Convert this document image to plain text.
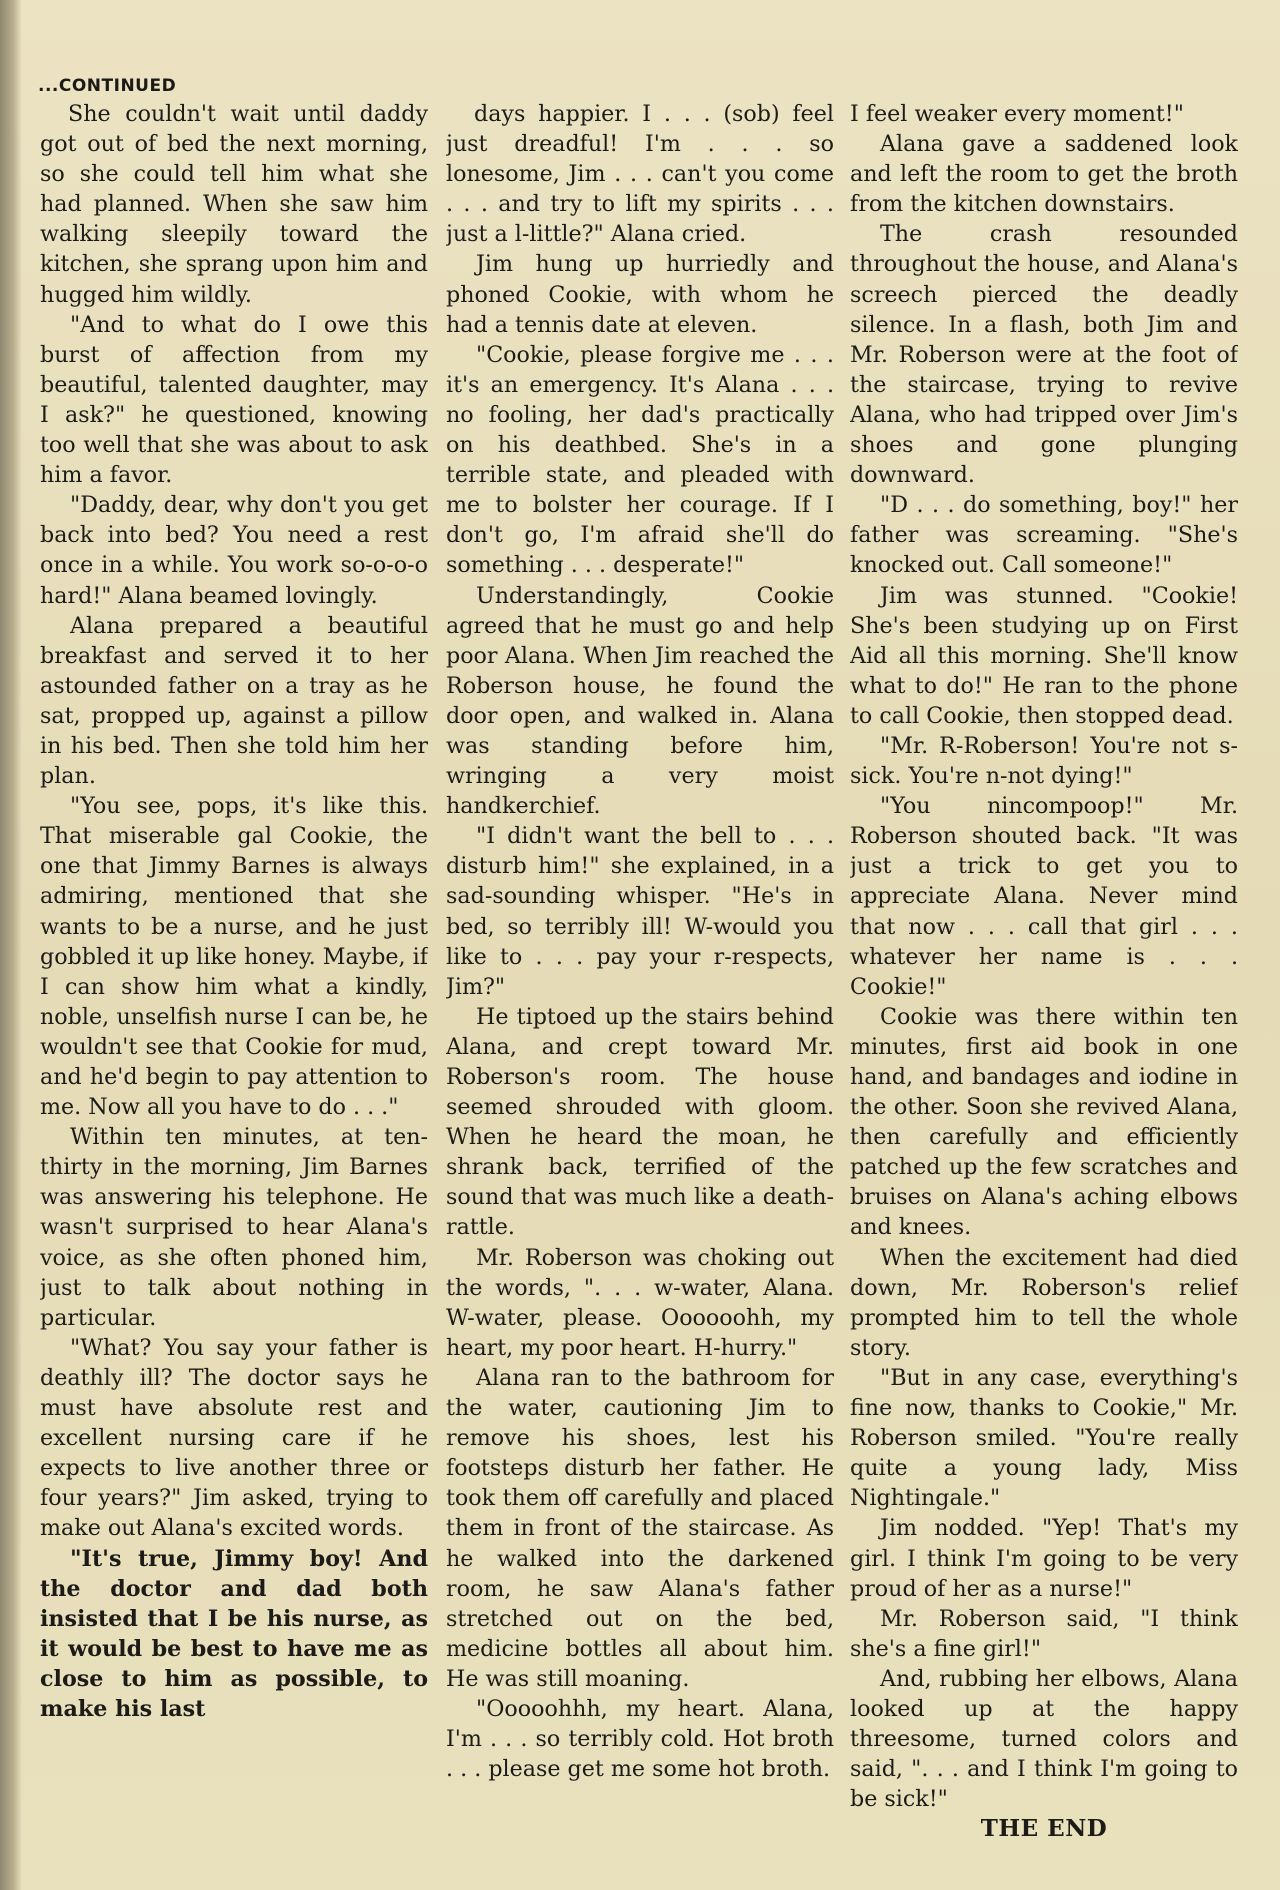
...CONTINUED

She couldn't wait until daddy got out of bed the next morning, so she could tell him what she had planned. When she saw him walking sleepily toward the kitchen, she sprang upon him and hugged him wildly.

"And to what do I owe this burst of affection from my beautiful, talented daughter, may I ask?" he questioned, knowing too well that she was about to ask him a favor.

"Daddy, dear, why don't you get back into bed? You need a rest once in a while. You work so-o-o-o hard!" Alana beamed lovingly.

Alana prepared a beautiful breakfast and served it to her astounded father on a tray as he sat, propped up, against a pillow in his bed. Then she told him her plan.

"You see, pops, it's like this. That miserable gal Cookie, the one that Jimmy Barnes is always admiring, mentioned that she wants to be a nurse, and he just gobbled it up like honey. Maybe, if I can show him what a kindly, noble, unselfish nurse I can be, he wouldn't see that Cookie for mud, and he'd begin to pay attention to me. Now all you have to do . . ."

Within ten minutes, at ten-thirty in the morning, Jim Barnes was answering his telephone. He wasn't surprised to hear Alana's voice, as she often phoned him, just to talk about nothing in particular.

"What? You say your father is deathly ill? The doctor says he must have absolute rest and excellent nursing care if he expects to live another three or four years?" Jim asked, trying to make out Alana's excited words.

"It's true, Jimmy boy! And the doctor and dad both insisted that I be his nurse, as it would be best to have me as close to him as possible, to make his last

days happier. I . . . (sob) feel just dreadful! I'm . . . so lonesome, Jim . . . can't you come . . . and try to lift my spirits . . . just a l-little?" Alana cried.

Jim hung up hurriedly and phoned Cookie, with whom he had a tennis date at eleven.

"Cookie, please forgive me . . . it's an emergency. It's Alana . . . no fooling, her dad's practically on his deathbed. She's in a terrible state, and pleaded with me to bolster her courage. If I don't go, I'm afraid she'll do something . . . desperate!"

Understandingly, Cookie agreed that he must go and help poor Alana. When Jim reached the Roberson house, he found the door open, and walked in. Alana was standing before him, wringing a very moist handkerchief.

"I didn't want the bell to . . . disturb him!" she explained, in a sad-sounding whisper. "He's in bed, so terribly ill! W-would you like to . . . pay your r-respects, Jim?"

He tiptoed up the stairs behind Alana, and crept toward Mr. Roberson's room. The house seemed shrouded with gloom. When he heard the moan, he shrank back, terrified of the sound that was much like a death-rattle.

Mr. Roberson was choking out the words, ". . . w-water, Alana. W-water, please. Oooooohh, my heart, my poor heart. H-hurry."

Alana ran to the bathroom for the water, cautioning Jim to remove his shoes, lest his footsteps disturb her father. He took them off carefully and placed them in front of the staircase. As he walked into the darkened room, he saw Alana's father stretched out on the bed, medicine bottles all about him. He was still moaning.

"Ooooohhh, my heart. Alana, I'm . . . so terribly cold. Hot broth . . . please get me some hot broth.

I feel weaker every moment!"

Alana gave a saddened look and left the room to get the broth from the kitchen downstairs.

The crash resounded throughout the house, and Alana's screech pierced the deadly silence. In a flash, both Jim and Mr. Roberson were at the foot of the staircase, trying to revive Alana, who had tripped over Jim's shoes and gone plunging downward.

"D . . . do something, boy!" her father was screaming. "She's knocked out. Call someone!"

Jim was stunned. "Cookie! She's been studying up on First Aid all this morning. She'll know what to do!" He ran to the phone to call Cookie, then stopped dead.

"Mr. R-Roberson! You're not s-sick. You're n-not dying!"

"You nincompoop!" Mr. Roberson shouted back. "It was just a trick to get you to appreciate Alana. Never mind that now . . . call that girl . . . whatever her name is . . . Cookie!"

Cookie was there within ten minutes, first aid book in one hand, and bandages and iodine in the other. Soon she revived Alana, then carefully and efficiently patched up the few scratches and bruises on Alana's aching elbows and knees.

When the excitement had died down, Mr. Roberson's relief prompted him to tell the whole story.

"But in any case, everything's fine now, thanks to Cookie," Mr. Roberson smiled. "You're really quite a young lady, Miss Nightingale."

Jim nodded. "Yep! That's my girl. I think I'm going to be very proud of her as a nurse!"

Mr. Roberson said, "I think she's a fine girl!"

And, rubbing her elbows, Alana looked up at the happy threesome, turned colors and said, ". . . and I think I'm going to be sick!"

THE END
